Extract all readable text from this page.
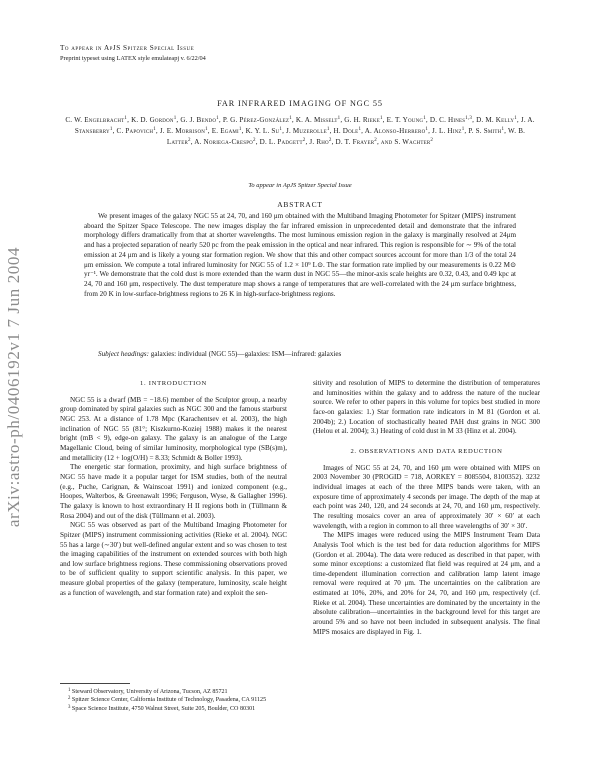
arXiv:astro-ph/0406192v1 7 Jun 2004
To appear in ApJS Spitzer Special Issue
Preprint typeset using LATEX style emulateapj v. 6/22/04
FAR INFRARED IMAGING OF NGC 55
C. W. Engelbracht$^1$, K. D. Gordon$^1$, G. J. Bendo$^1$, P. G. Pérez-González$^1$, K. A. Misselt$^1$, G. H. Rieke$^1$, E. T. Young$^1$, D. C. Hines$^{1,3}$, D. M. Kelly$^1$, J. A. Stansberry$^1$, C. Papovich$^1$, J. E. Morrison$^1$, E. Egami$^1$, K. Y. L. Su$^1$, J. Muzerolle$^1$, H. Dole$^1$, A. Alonso-Herrero$^1$, J. L. Hinz$^1$, P. S. Smith$^1$, W. B. Latter$^2$, A. Noriega-Crespo$^2$, D. L. Padgett$^2$, J. Rho$^2$, D. T. Frayer$^2$, and S. Wachter$^2$
To appear in ApJS Spitzer Special Issue
ABSTRACT
We present images of the galaxy NGC 55 at 24, 70, and 160 μm obtained with the Multiband Imaging Photometer for Spitzer (MIPS) instrument aboard the Spitzer Space Telescope. The new images display the far infrared emission in unprecedented detail and demonstrate that the infrared morphology differs dramatically from that at shorter wavelengths. The most luminous emission region in the galaxy is marginally resolved at 24μm and has a projected separation of nearly 520 pc from the peak emission in the optical and near infrared. This region is responsible for ∼ 9% of the total emission at 24 μm and is likely a young star formation region. We show that this and other compact sources account for more than 1/3 of the total 24 μm emission. We compute a total infrared luminosity for NGC 55 of 1.2 × 10⁹ L⊙. The star formation rate implied by our measurements is 0.22 M⊙ yr⁻¹. We demonstrate that the cold dust is more extended than the warm dust in NGC 55—the minor-axis scale heights are 0.32, 0.43, and 0.49 kpc at 24, 70 and 160 μm, respectively. The dust temperature map shows a range of temperatures that are well-correlated with the 24 μm surface brightness, from 20 K in low-surface-brightness regions to 26 K in high-surface-brightness regions.
Subject headings: galaxies: individual (NGC 55)—galaxies: ISM—infrared: galaxies
1. INTRODUCTION

NGC 55 is a dwarf (MB = −18.6) member of the Sculptor group, a nearby group dominated by spiral galaxies such as NGC 300 and the famous starburst NGC 253. At a distance of 1.78 Mpc (Karachentsev et al. 2003), the high inclination of NGC 55 (81°; Kiszkurno-Koziej 1988) makes it the nearest bright (mB < 9), edge-on galaxy. The galaxy is an analogue of the Large Magellanic Cloud, being of similar luminosity, morphological type (SB(s)m), and metallicity (12 + log(O/H) = 8.33; Schmidt & Boller 1993).

The energetic star formation, proximity, and high surface brightness of NGC 55 have made it a popular target for ISM studies, both of the neutral (e.g., Puche, Carignan, & Wainscoat 1991) and ionized component (e.g., Hoopes, Walterbos, & Greenawalt 1996; Ferguson, Wyse, & Gallagher 1996). The galaxy is known to host extraordinary H II regions both in (Tüllmann & Rosa 2004) and out of the disk (Tüllmann et al. 2003).

NGC 55 was observed as part of the Multiband Imaging Photometer for Spitzer (MIPS) instrument commissioning activities (Rieke et al. 2004). NGC 55 has a large (∼30′) but well-defined angular extent and so was chosen to test the imaging capabilities of the instrument on extended sources with both high and low surface brightness regions. These commissioning observations proved to be of sufficient quality to support scientific analysis. In this paper, we measure global properties of the galaxy (temperature, luminosity, scale height as a function of wavelength, and star formation rate) and exploit the sen-

sitivity and resolution of MIPS to determine the distribution of temperatures and luminosities within the galaxy and to address the nature of the nuclear source. We refer to other papers in this volume for topics best studied in more face-on galaxies: 1.) Star formation rate indicators in M 81 (Gordon et al. 2004b); 2.) Location of stochastically heated PAH dust grains in NGC 300 (Helou et al. 2004); 3.) Heating of cold dust in M 33 (Hinz et al. 2004).

2. OBSERVATIONS AND DATA REDUCTION

Images of NGC 55 at 24, 70, and 160 μm were obtained with MIPS on 2003 November 30 (PROGID = 718, AORKEY = 8085504, 8100352). 3232 individual images at each of the three MIPS bands were taken, with an exposure time of approximately 4 seconds per image. The depth of the map at each point was 240, 120, and 24 seconds at 24, 70, and 160 μm, respectively. The resulting mosaics cover an area of approximately 30′ × 60′ at each wavelength, with a region in common to all three wavelengths of 30′ × 30′.

The MIPS images were reduced using the MIPS Instrument Team Data Analysis Tool which is the test bed for data reduction algorithms for MIPS (Gordon et al. 2004a). The data were reduced as described in that paper, with some minor exceptions: a customized flat field was required at 24 μm, and a time-dependent illumination correction and calibration lamp latent image removal were required at 70 μm. The uncertainties on the calibration are estimated at 10%, 20%, and 20% for 24, 70, and 160 μm, respectively (cf. Rieke et al. 2004). These uncertainties are dominated by the uncertainty in the absolute calibration—uncertainties in the background level for this target are around 5% and so have not been included in subsequent analysis. The final MIPS mosaics are displayed in Fig. 1.

$^1$ Steward Observatory, University of Arizona, Tucson, AZ 85721
$^2$ Spitzer Science Center, California Institute of Technology, Pasadena, CA 91125
$^3$ Space Science Institute, 4750 Walnut Street, Suite 205, Boulder, CO 80301
